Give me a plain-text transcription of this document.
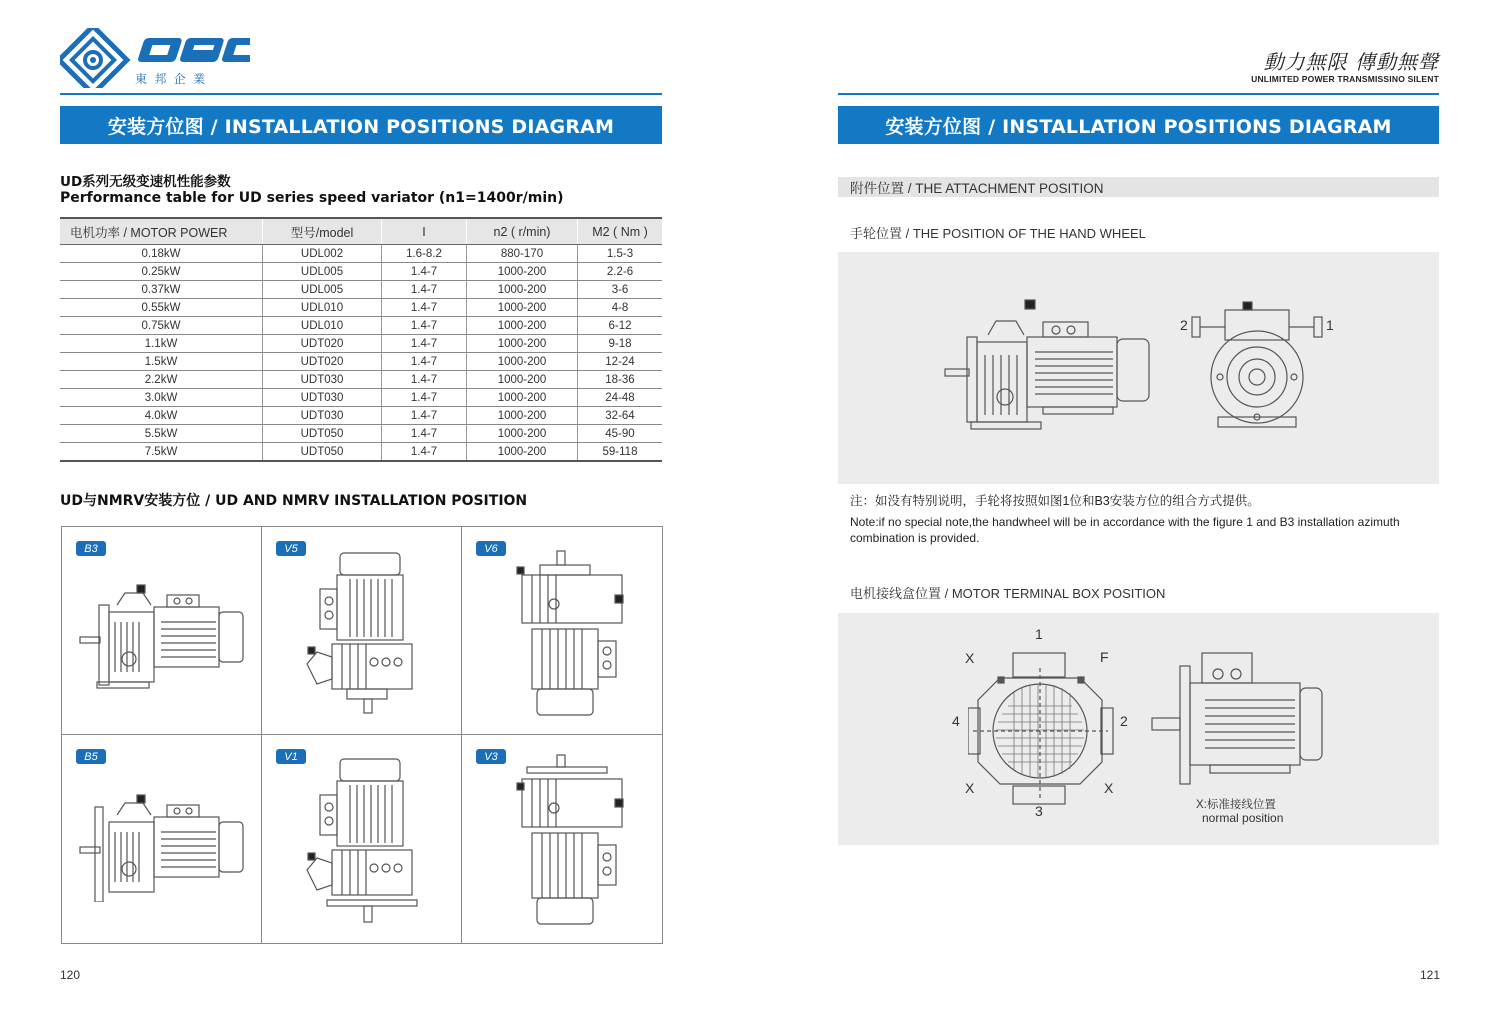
東 邦 企 業
安装方位图 / INSTALLATION POSITIONS DIAGRAM
UD系列无级变速机性能参数
Performance table for UD series speed variator (n1=1400r/min)
电机功率 / MOTOR POWER	型号/model	I	n2 ( r/min)	M2 ( Nm )
0.18kW	UDL002	1.6-8.2	880-170	1.5-3
0.25kW	UDL005	1.4-7	1000-200	2.2-6
0.37kW	UDL005	1.4-7	1000-200	3-6
0.55kW	UDL010	1.4-7	1000-200	4-8
0.75kW	UDL010	1.4-7	1000-200	6-12
1.1kW	UDT020	1.4-7	1000-200	9-18
1.5kW	UDT020	1.4-7	1000-200	12-24
2.2kW	UDT030	1.4-7	1000-200	18-36
3.0kW	UDT030	1.4-7	1000-200	24-48
4.0kW	UDT030	1.4-7	1000-200	32-64
5.5kW	UDT050	1.4-7	1000-200	45-90
7.5kW	UDT050	1.4-7	1000-200	59-118
UD与NMRV安装方位 / UD AND NMRV INSTALLATION POSITION
B3	V5	V6
B5	V1	V3
120
動力無限 傳動無聲
UNLIMITED POWER TRANSMISSINO SILENT
安装方位图 / INSTALLATION POSITIONS DIAGRAM
附件位置 / THE ATTACHMENT POSITION
手轮位置 / THE POSITION OF THE HAND WHEEL
2	1
注：如没有特别说明，手轮将按照如图1位和B3安装方位的组合方式提供。
Note:if no special note,the handwheel will be in accordance with the figure 1 and B3 installation azimuth combination is provided.
电机接线盒位置 / MOTOR TERMINAL BOX POSITION
1
X	F
4	2
X	X
3	X:标准接线位置
normal position
121
